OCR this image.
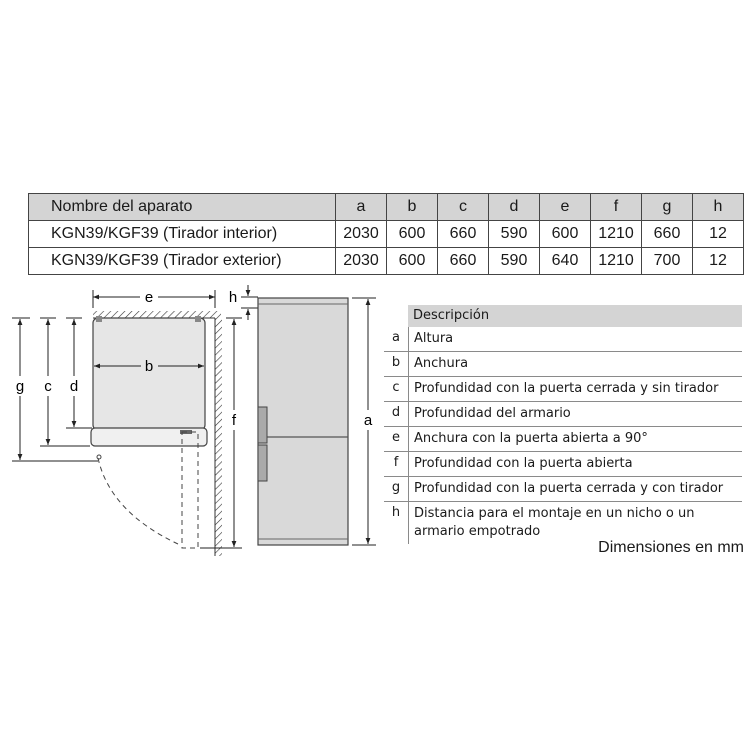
Nombre del aparato	a	b	c	d	e	f	g	h
KGN39/KGF39 (Tirador interior)	2030	600	660	590	600	1210	660	12
KGN39/KGF39 (Tirador exterior)	2030	600	660	590	640	1210	700	12
e
b
h
g c d
f	a
Descripción
a	Altura
b	Anchura
c	Profundidad con la puerta cerrada y sin tirador
d	Profundidad del armario
e	Anchura con la puerta abierta a 90°
f	Profundidad con la puerta abierta
g	Profundidad con la puerta cerrada y con tirador
h	Distancia para el montaje en un nicho o un armario empotrado
Dimensiones en mm
